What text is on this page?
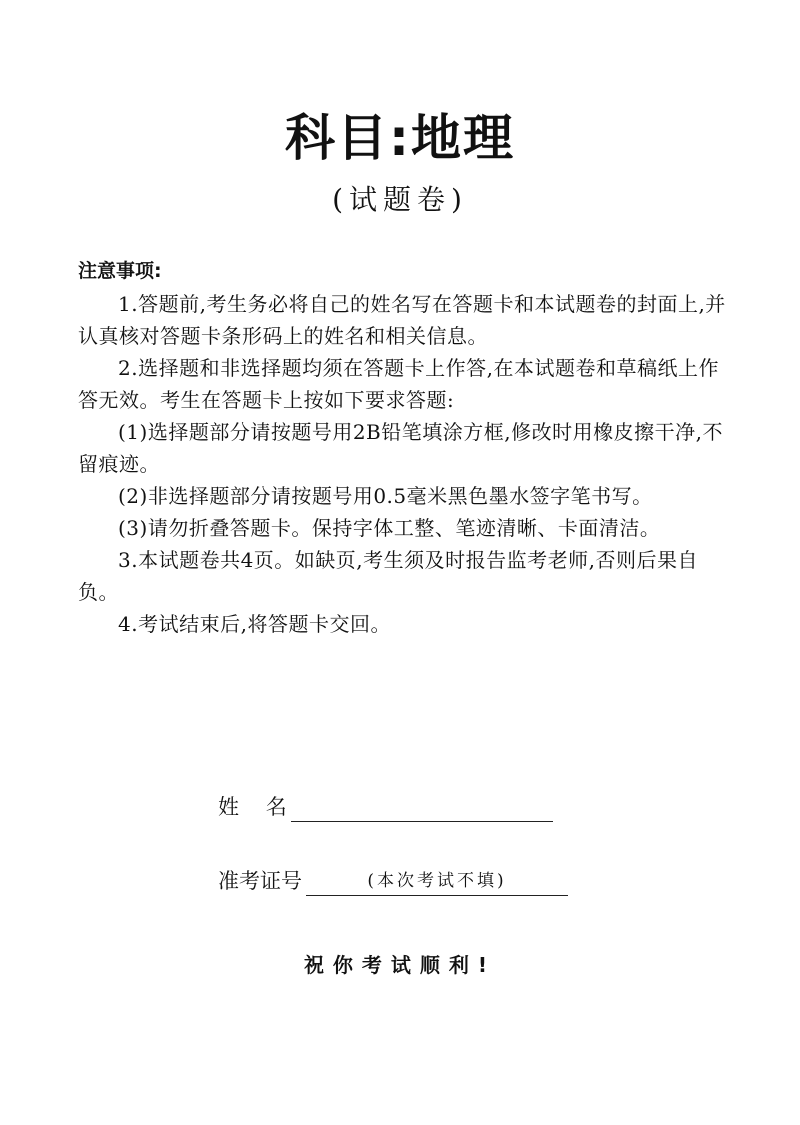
科目:地理
(试题卷)
注意事项:

1.答题前,考生务必将自己的姓名写在答题卡和本试题卷的封面上,并认真核对答题卡条形码上的姓名和相关信息。

2.选择题和非选择题均须在答题卡上作答,在本试题卷和草稿纸上作答无效。考生在答题卡上按如下要求答题:

(1)选择题部分请按题号用2B铅笔填涂方框,修改时用橡皮擦干净,不留痕迹。

(2)非选择题部分请按题号用0.5毫米黑色墨水签字笔书写。

(3)请勿折叠答题卡。保持字体工整、笔迹清晰、卡面清洁。

3.本试题卷共4页。如缺页,考生须及时报告监考老师,否则后果自负。

4.考试结束后,将答题卡交回。

姓    名
准考证号	(本次考试不填)
祝你考试顺利!
